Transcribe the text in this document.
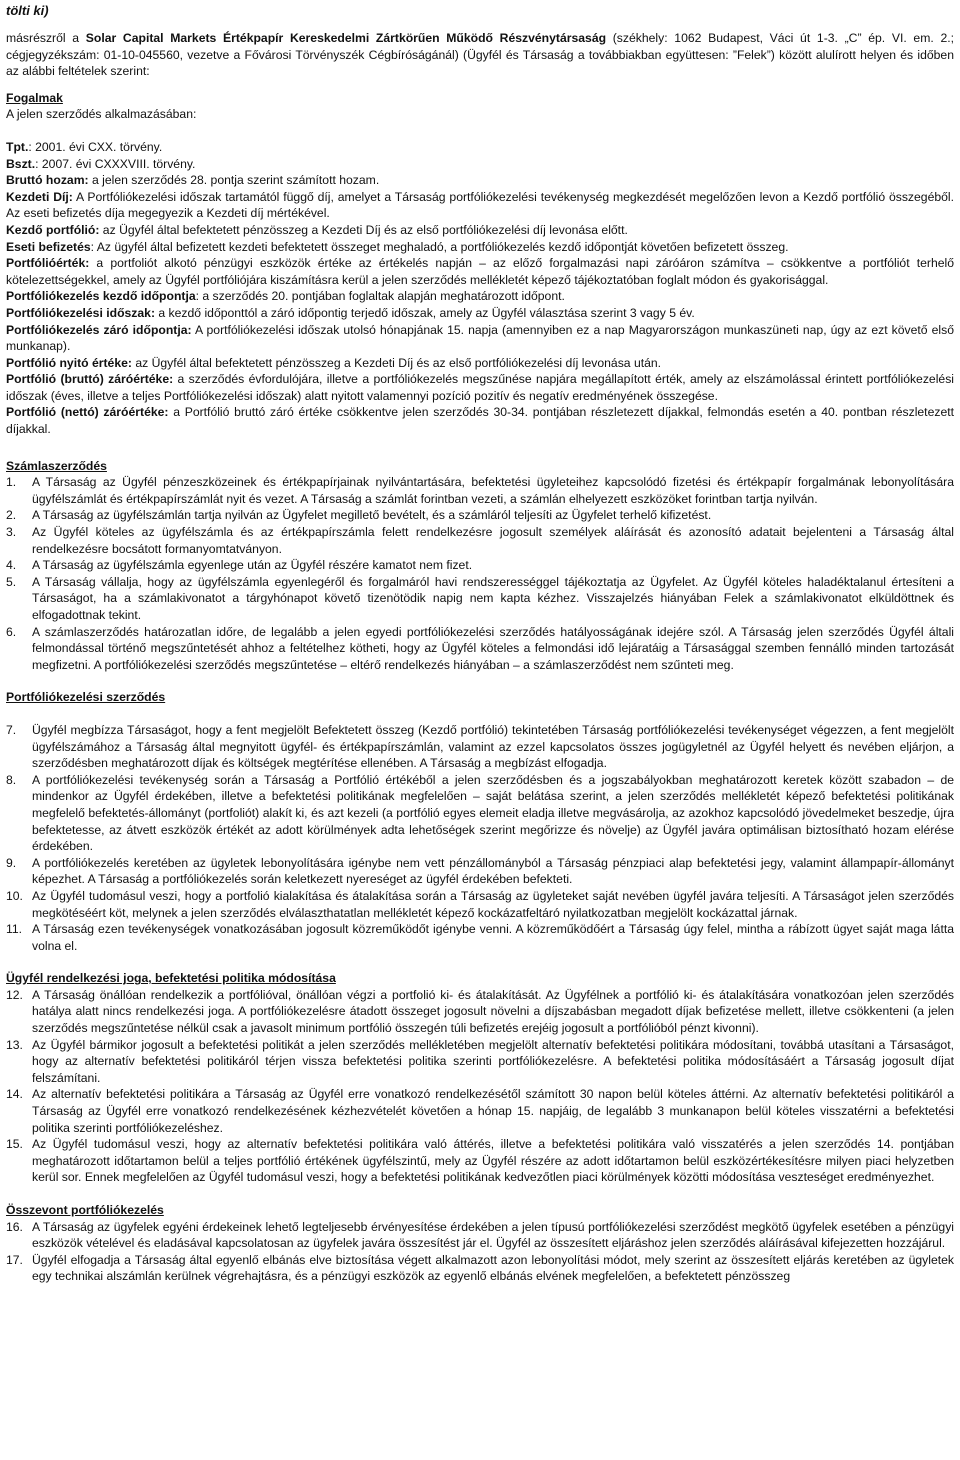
tölti ki)

másrészről a Solar Capital Markets Értékpapír Kereskedelmi Zártkörűen Működő Részvénytársaság (székhely: 1062 Budapest, Váci út 1-3. „C” ép. VI. em. 2.; cégjegyzékszám: 01-10-045560, vezetve a Fővárosi Törvényszék Cégbíróságánál) (Ügyfél és Társaság a továbbiakban együttesen: ”Felek”) között alulírott helyen és időben az alábbi feltételek szerint:

Fogalmak
A jelen szerződés alkalmazásában:

Tpt.: 2001. évi CXX. törvény.

Bszt.: 2007. évi CXXXVIII. törvény.

Bruttó hozam: a jelen szerződés 28. pontja szerint számított hozam.

Kezdeti Díj: A Portfóliókezelési időszak tartamától függő díj, amelyet a Társaság portfóliókezelési tevékenység megkezdését megelőzően levon a Kezdő portfólió összegéből. Az eseti befizetés díja megegyezik a Kezdeti díj mértékével.

Kezdő portfólió: az Ügyfél által befektetett pénzösszeg a Kezdeti Díj és az első portfóliókezelési díj levonása előtt.

Eseti befizetés: Az ügyfél által befizetett kezdeti befektetett összeget meghaladó, a portfóliókezelés kezdő időpontját követően befizetett összeg.

Portfólióérték: a portfoliót alkotó pénzügyi eszközök értéke az értékelés napján – az előző forgalmazási napi záróáron számítva – csökkentve a portfóliót terhelő kötelezettségekkel, amely az Ügyfél portfóliójára kiszámításra kerül a jelen szerződés mellékletét képező tájékoztatóban foglalt módon és gyakorisággal.

Portfóliókezelés kezdő időpontja: a szerződés 20. pontjában foglaltak alapján meghatározott időpont.

Portfóliókezelési időszak: a kezdő időponttól a záró időpontig terjedő időszak, amely az Ügyfél választása szerint 3 vagy 5 év.

Portfóliókezelés záró időpontja: A portfóliókezelési időszak utolsó hónapjának 15. napja (amennyiben ez a nap Magyarországon munkaszüneti nap, úgy az ezt követő első munkanap).

Portfólió nyitó értéke: az Ügyfél által befektetett pénzösszeg a Kezdeti Díj és az első portfóliókezelési díj levonása után.

Portfólió (bruttó) záróértéke: a szerződés évfordulójára, illetve a portfóliókezelés megszűnése napjára megállapított érték, amely az elszámolással érintett portfóliókezelési időszak (éves, illetve a teljes Portfóliókezelési időszak) alatt nyitott valamennyi pozíció pozitív és negatív eredményének összegése.

Portfólió (nettó) záróértéke: a Portfólió bruttó záró értéke csökkentve jelen szerződés 30-34. pontjában részletezett díjakkal, felmondás esetén a 40. pontban részletezett díjakkal.

Számlaszerződés
1. A Társaság az Ügyfél pénzeszközeinek és értékpapírjainak nyilvántartására, befektetési ügyleteihez kapcsolódó fizetési és értékpapír forgalmának lebonyolítására ügyfélszámlát és értékpapírszámlát nyit és vezet. A Társaság a számlát forintban vezeti, a számlán elhelyezett eszközöket forintban tartja nyilván.
2. A Társaság az ügyfélszámlán tartja nyilván az Ügyfelet megillető bevételt, és a számláról teljesíti az Ügyfelet terhelő kifizetést.
3. Az Ügyfél köteles az ügyfélszámla és az értékpapírszámla felett rendelkezésre jogosult személyek aláírását és azonosító adatait bejelenteni a Társaság által rendelkezésre bocsátott formanyomtatványon.
4. A Társaság az ügyfélszámla egyenlege után az Ügyfél részére kamatot nem fizet.
5. A Társaság vállalja, hogy az ügyfélszámla egyenlegéről és forgalmáról havi rendszerességgel tájékoztatja az Ügyfelet. Az Ügyfél köteles haladéktalanul értesíteni a Társaságot, ha a számlakivonatot a tárgyhónapot követő tizenötödik napig nem kapta kézhez. Visszajelzés hiányában Felek a számlakivonatot elküldöttnek és elfogadottnak tekint.
6. A számlaszerződés határozatlan időre, de legalább a jelen egyedi portfóliókezelési szerződés hatályosságának idejére szól. A Társaság jelen szerződés Ügyfél általi felmondással történő megszűntetését ahhoz a feltételhez kötheti, hogy az Ügyfél köteles a felmondási idő lejáratáig a Társasággal szemben fennálló minden tartozását megfizetni. A portfóliókezelési szerződés megszűntetése – eltérő rendelkezés hiányában – a számlaszerződést nem szűnteti meg.
Portfóliókezelési szerződés
7. Ügyfél megbízza Társaságot, hogy a fent megjelölt Befektetett összeg (Kezdő portfólió) tekintetében Társaság portfóliókezelési tevékenységet végezzen, a fent megjelölt ügyfélszámához a Társaság által megnyitott ügyfél- és értékpapírszámlán, valamint az ezzel kapcsolatos összes jogügyletnél az Ügyfél helyett és nevében eljárjon, a szerződésben meghatározott díjak és költségek megtérítése ellenében. A Társaság a megbízást elfogadja.
8. A portfóliókezelési tevékenység során a Társaság a Portfólió értékéből a jelen szerződésben és a jogszabályokban meghatározott keretek között szabadon – de mindenkor az Ügyfél érdekében, illetve a befektetési politikának megfelelően – saját belátása szerint, a jelen szerződés mellékletét képező befektetési politikának megfelelő befektetés-állományt (portfoliót) alakít ki, és azt kezeli (a portfólió egyes elemeit eladja illetve megvásárolja, az azokhoz kapcsolódó jövedelmeket beszedje, újra befektetesse, az átvett eszközök értékét az adott körülmények adta lehetőségek szerint megőrizze és növelje) az Ügyfél javára optimálisan biztosítható hozam elérése érdekében.
9. A portfóliókezelés keretében az ügyletek lebonyolítására igénybe nem vett pénzállományból a Társaság pénzpiaci alap befektetési jegy, valamint állampapír-állományt képezhet. A Társaság a portfóliókezelés során keletkezett nyereséget az ügyfél érdekében befekteti.
10. Az Ügyfél tudomásul veszi, hogy a portfolió kialakítása és átalakítása során a Társaság az ügyleteket saját nevében ügyfél javára teljesíti. A Társaságot jelen szerződés megkötéséért köt, melynek a jelen szerződés elválaszthatatlan mellékletét képező kockázatfeltáró nyilatkozatban megjelölt kockázattal járnak.
11. A Társaság ezen tevékenységek vonatkozásában jogosult közreműködőt igénybe venni. A közreműködőért a Társaság úgy felel, mintha a rábízott ügyet saját maga látta volna el.
Ügyfél rendelkezési joga, befektetési politika módosítása
12. A Társaság önállóan rendelkezik a portfólióval, önállóan végzi a portfolió ki- és átalakítását. Az Ügyfélnek a portfólió ki- és átalakítására vonatkozóan jelen szerződés hatálya alatt nincs rendelkezési joga. A portfóliókezelésre átadott összeget jogosult növelni a díjszabásban megadott díjak befizetése mellett, illetve csökkenteni (a jelen szerződés megszűntetése nélkül csak a javasolt minimum portfólió összegén túli befizetés erejéig jogosult a portfólióból pénzt kivonni).
13. Az Ügyfél bármikor jogosult a befektetési politikát a jelen szerződés mellékletében megjelölt alternatív befektetési politikára módosítani, továbbá utasítani a Társaságot, hogy az alternatív befektetési politikáról térjen vissza befektetési politika szerinti portfóliókezelésre. A befektetési politika módosításáért a Társaság jogosult díjat felszámítani.
14. Az alternatív befektetési politikára a Társaság az Ügyfél erre vonatkozó rendelkezésétől számított 30 napon belül köteles áttérni. Az alternatív befektetési politikáról a Társaság az Ügyfél erre vonatkozó rendelkezésének kézhezvételét követően a hónap 15. napjáig, de legalább 3 munkanapon belül köteles visszatérni a befektetési politika szerinti portfóliókezeléshez.
15. Az Ügyfél tudomásul veszi, hogy az alternatív befektetési politikára való áttérés, illetve a befektetési politikára való visszatérés a jelen szerződés 14. pontjában meghatározott időtartamon belül a teljes portfólió értékének ügyfélszintű, mely az Ügyfél részére az adott időtartamon belül eszközértékesítésre milyen piaci helyzetben kerül sor. Ennek megfelelően az Ügyfél tudomásul veszi, hogy a befektetési politikának kedvezőtlen piaci körülmények közötti módosítása veszteséget eredményezhet.
Összevont portfóliókezelés
16. A Társaság az ügyfelek egyéni érdekeinek lehető legteljesebb érvényesítése érdekében a jelen típusú portfóliókezelési szerződést megkötő ügyfelek esetében a pénzügyi eszközök vételével és eladásával kapcsolatosan az ügyfelek javára összesítést jár el. Ügyfél az összesített eljáráshoz jelen szerződés aláírásával kifejezetten hozzájárul.
17. Ügyfél elfogadja a Társaság által egyenlő elbánás elve biztosítása végett alkalmazott azon lebonyolítási módot, mely szerint az összesített eljárás keretében az ügyletek egy technikai alszámlán kerülnek végrehajtásra, és a pénzügyi eszközök az egyenlő elbánás elvének megfelelően, a befektetett pénzösszeg
